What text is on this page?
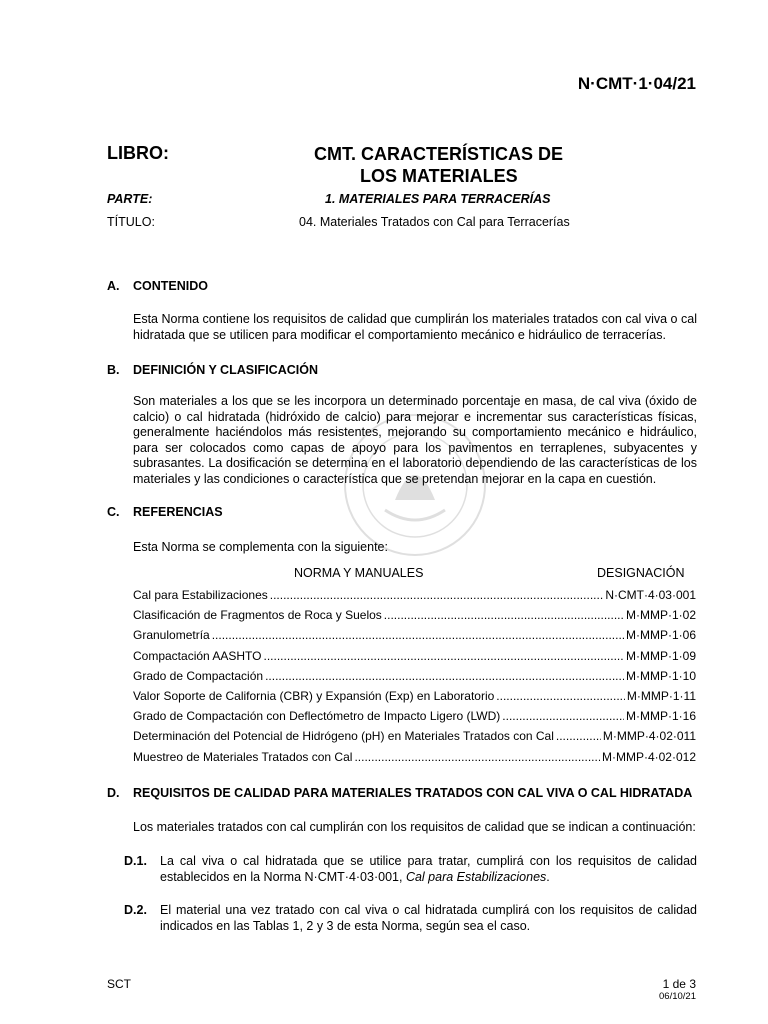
N·CMT·1·04/21
LIBRO:	CMT. CARACTERÍSTICAS DE
LOS MATERIALES
PARTE:	1. MATERIALES PARA TERRACERÍAS
TÍTULO:	04. Materiales Tratados con Cal para Terracerías
A. CONTENIDO
Esta Norma contiene los requisitos de calidad que cumplirán los materiales tratados con cal viva o cal hidratada que se utilicen para modificar el comportamiento mecánico e hidráulico de terracerías.
B. DEFINICIÓN Y CLASIFICACIÓN
Son materiales a los que se les incorpora un determinado porcentaje en masa, de cal viva (óxido de calcio) o cal hidratada (hidróxido de calcio) para mejorar e incrementar sus características físicas, generalmente haciéndolos más resistentes, mejorando su comportamiento mecánico e hidráulico, para ser colocados como capas de apoyo para los pavimentos en terraplenes, subyacentes y subrasantes. La dosificación se determina en el laboratorio dependiendo de las características de los materiales y las condiciones o característica que se pretendan mejorar en la capa en cuestión.
C. REFERENCIAS
Esta Norma se complementa con la siguiente:
NORMA Y MANUALES	DESIGNACIÓN
Cal para Estabilizaciones .....	N·CMT·4·03·001
Clasificación de Fragmentos de Roca y Suelos .....	M·MMP·1·02
Granulometría .....	M·MMP·1·06
Compactación AASHTO .....	M·MMP·1·09
Grado de Compactación .....	M·MMP·1·10
Valor Soporte de California (CBR) y Expansión (Exp) en Laboratorio .....	M·MMP·1·11
Grado de Compactación con Deflectómetro de Impacto Ligero (LWD) .....	M·MMP·1·16
Determinación del Potencial de Hidrógeno (pH) en Materiales Tratados con Cal .....	M·MMP·4·02·011
Muestreo de Materiales Tratados con Cal .....	M·MMP·4·02·012
D. REQUISITOS DE CALIDAD PARA MATERIALES TRATADOS CON CAL VIVA O CAL HIDRATADA
Los materiales tratados con cal cumplirán con los requisitos de calidad que se indican a continuación:
D.1. La cal viva o cal hidratada que se utilice para tratar, cumplirá con los requisitos de calidad establecidos en la Norma N·CMT·4·03·001, Cal para Estabilizaciones.
D.2. El material una vez tratado con cal viva o cal hidratada cumplirá con los requisitos de calidad indicados en las Tablas 1, 2 y 3 de esta Norma, según sea el caso.
SCT	1 de 3
06/10/21
